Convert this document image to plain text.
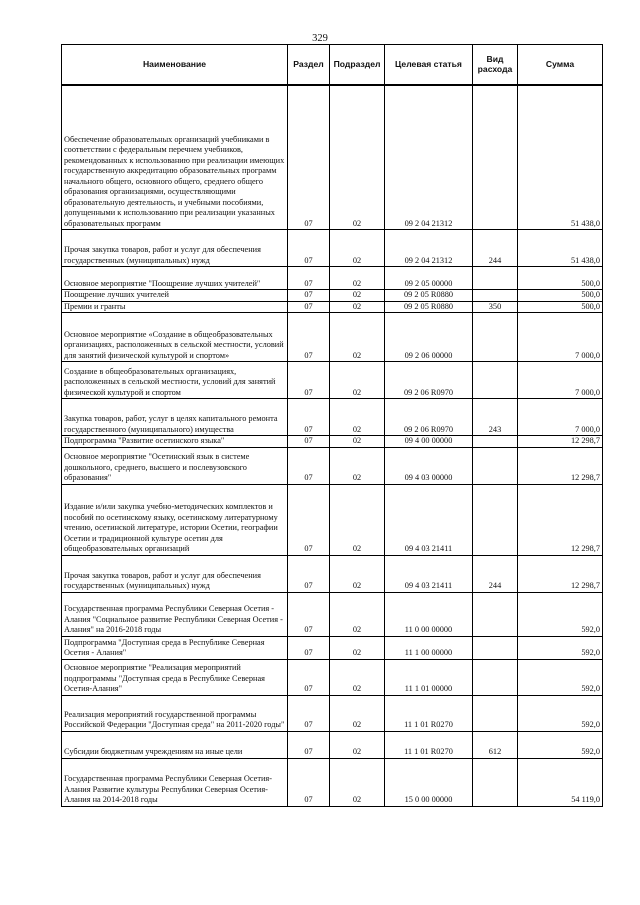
329
Наименование	Раздел	Подраздел	Целевая статья	Вид расхода	Сумма
Обеспечение образовательных организаций учебниками в соответствии с федеральным перечнем учебников, рекомендованных к использованию при реализации имеющих государственную аккредитацию образовательных программ начального общего, основного общего, среднего общего образования организациями, осуществляющими образовательную деятельность, и учебными пособиями, допущенными к использованию при реализации указанных образовательных программ	07	02	09 2 04 21312		51 438,0
Прочая закупка товаров, работ и услуг для обеспечения государственных (муниципальных) нужд	07	02	09 2 04 21312	244	51 438,0
Основное мероприятие "Поощрение лучших учителей"	07	02	09 2 05 00000		500,0
Поощрение лучших учителей	07	02	09 2 05 R0880		500,0
Премии и гранты	07	02	09 2 05 R0880	350	500,0
Основное мероприятие «Создание в общеобразовательных организациях, расположенных в сельской местности, условий для занятий физической культурой и спортом»	07	02	09 2 06 00000		7 000,0
Создание в общеобразовательных организациях, расположенных в сельской местности, условий для занятий физической культурой и спортом	07	02	09 2 06 R0970		7 000,0
Закупка товаров, работ, услуг в целях капитального ремонта государственного (муниципального) имущества	07	02	09 2 06 R0970	243	7 000,0
Подпрограмма "Развитие осетинского языка"	07	02	09 4 00 00000		12 298,7
Основное мероприятие "Осетинский язык в системе дошкольного, среднего, высшего и послевузовского образования"	07	02	09 4 03 00000		12 298,7
Издание и/или закупка учебно-методических комплектов и пособий по осетинскому языку, осетинскому литературному чтению, осетинской литературе, истории Осетии, географии Осетии и традиционной культуре осетин для общеобразовательных организаций	07	02	09 4 03 21411		12 298,7
Прочая закупка товаров, работ и услуг для обеспечения государственных (муниципальных) нужд	07	02	09 4 03 21411	244	12 298,7
Государственная программа Республики Северная Осетия - Алания "Социальное развитие Республики Северная Осетия - Алания" на 2016-2018 годы	07	02	11 0 00 00000		592,0
Подпрограмма "Доступная среда в Республике Северная Осетия - Алания"	07	02	11 1 00 00000		592,0
Основное мероприятие "Реализация мероприятий подпрограммы "Доступная среда в Республике Северная Осетия-Алания"	07	02	11 1 01 00000		592,0
Реализация мероприятий государственной программы Российской Федерации "Доступная среда" на 2011-2020 годы"	07	02	11 1 01 R0270		592,0
Субсидии бюджетным учреждениям на иные цели	07	02	11 1 01 R0270	612	592,0
Государственная программа Республики Северная Осетия-Алания Развитие культуры Республики Северная Осетия-Алания на 2014-2018 годы	07	02	15 0 00 00000		54 119,0
